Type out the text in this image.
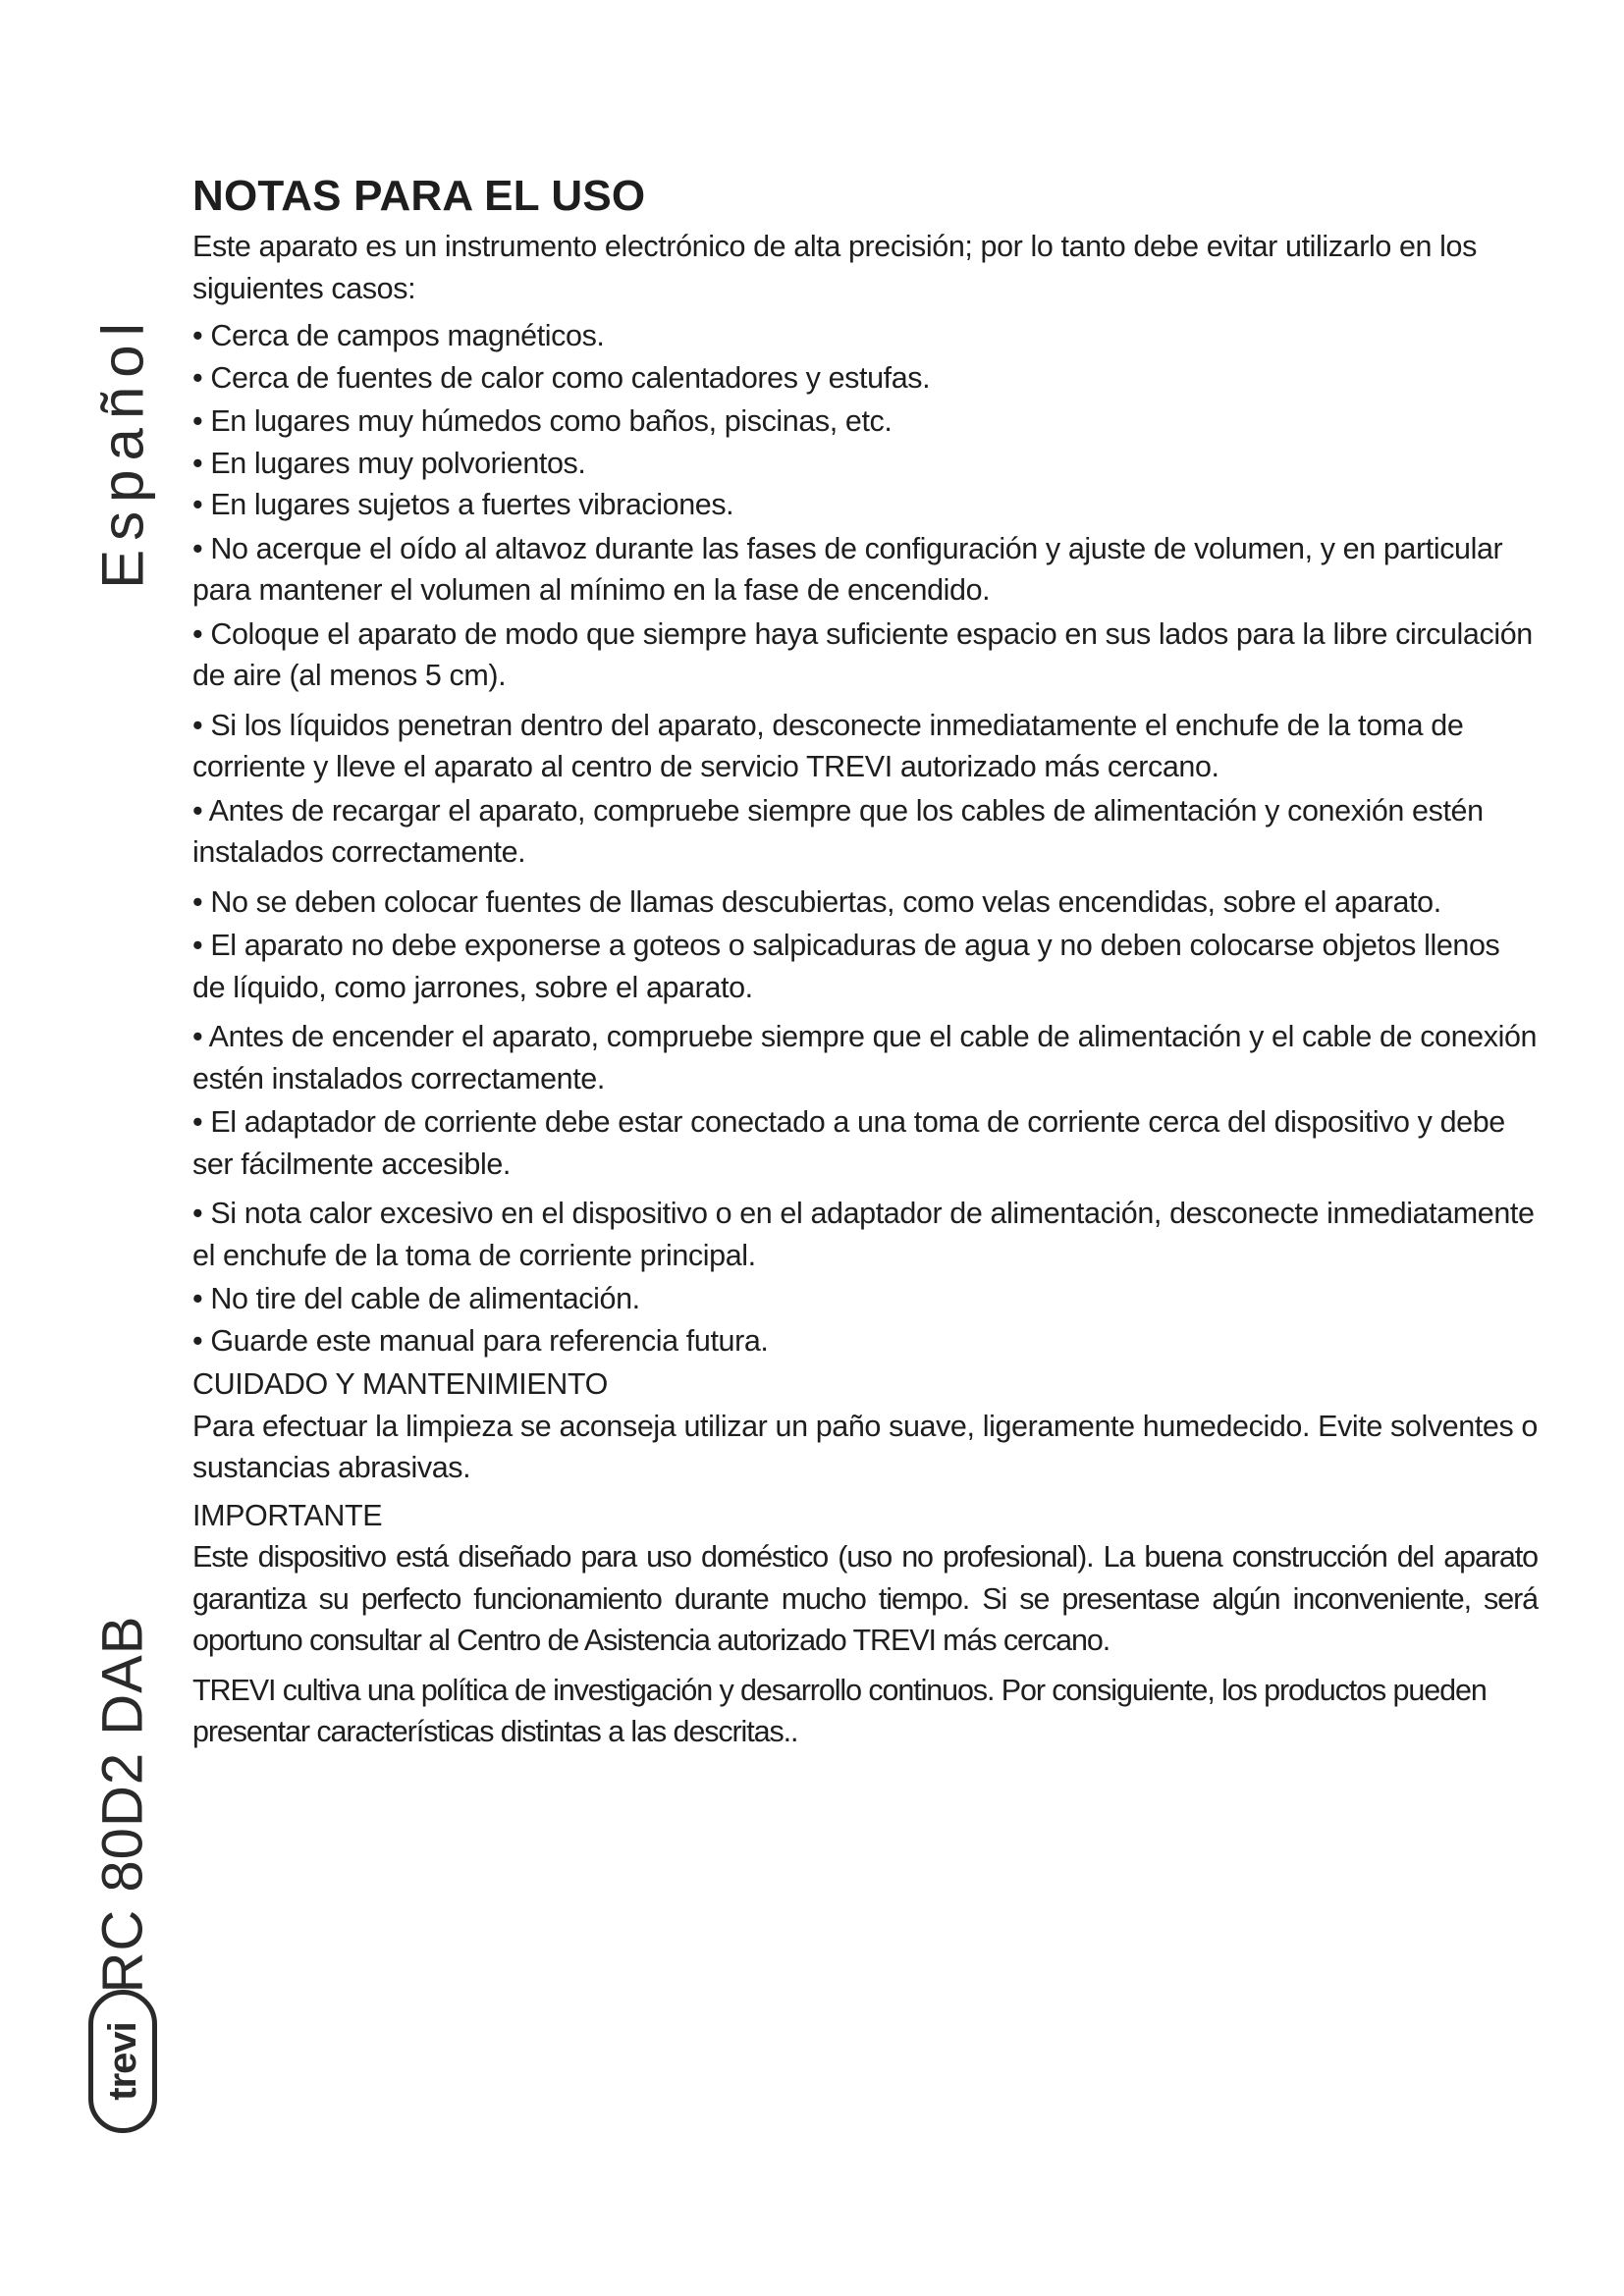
Español
RC 80D2 DAB
trevi
NOTAS PARA EL USO

Este aparato es un instrumento electrónico de alta precisión; por lo tanto debe evitar utilizarlo en los siguientes casos:

• Cerca de campos magnéticos.
• Cerca de fuentes de calor como calentadores y estufas.
• En lugares muy húmedos como baños, piscinas, etc.
• En lugares muy polvorientos.
• En lugares sujetos a fuertes vibraciones.
• No acerque el oído al altavoz durante las fases de configuración y ajuste de volumen, y en particular para mantener el volumen al mínimo en la fase de encendido.
• Coloque el aparato de modo que siempre haya suficiente espacio en sus lados para la libre circulación de aire (al menos 5 cm).
• Si los líquidos penetran dentro del aparato, desconecte inmediatamente el enchufe de la toma de corriente y lleve el aparato al centro de servicio TREVI autorizado más cercano.
• Antes de recargar el aparato, compruebe siempre que los cables de alimentación y conexión estén instalados correctamente.
• No se deben colocar fuentes de llamas descubiertas, como velas encendidas, sobre el aparato.
• El aparato no debe exponerse a goteos o salpicaduras de agua y no deben colocarse objetos llenos de líquido, como jarrones, sobre el aparato.
• Antes de encender el aparato, compruebe siempre que el cable de alimentación y el cable de conexión estén instalados correctamente.
• El adaptador de corriente debe estar conectado a una toma de corriente cerca del dispositivo y debe ser fácilmente accesible.
• Si nota calor excesivo en el dispositivo o en el adaptador de alimentación, desconecte inmediatamente el enchufe de la toma de corriente principal.
• No tire del cable de alimentación.
• Guarde este manual para referencia futura.
CUIDADO Y MANTENIMIENTO

Para efectuar la limpieza se aconseja utilizar un paño suave, ligeramente humedecido. Evite solventes o sustancias abrasivas.

IMPORTANTE

Este dispositivo está diseñado para uso doméstico (uso no profesional). La buena construcción del aparato garantiza su perfecto funcionamiento durante mucho tiempo. Si se presentase algún inconveniente, será oportuno consultar al Centro de Asistencia autorizado TREVI más cercano.

TREVI cultiva una política de investigación y desarrollo continuos. Por consiguiente, los productos pueden presentar características distintas a las descritas..
